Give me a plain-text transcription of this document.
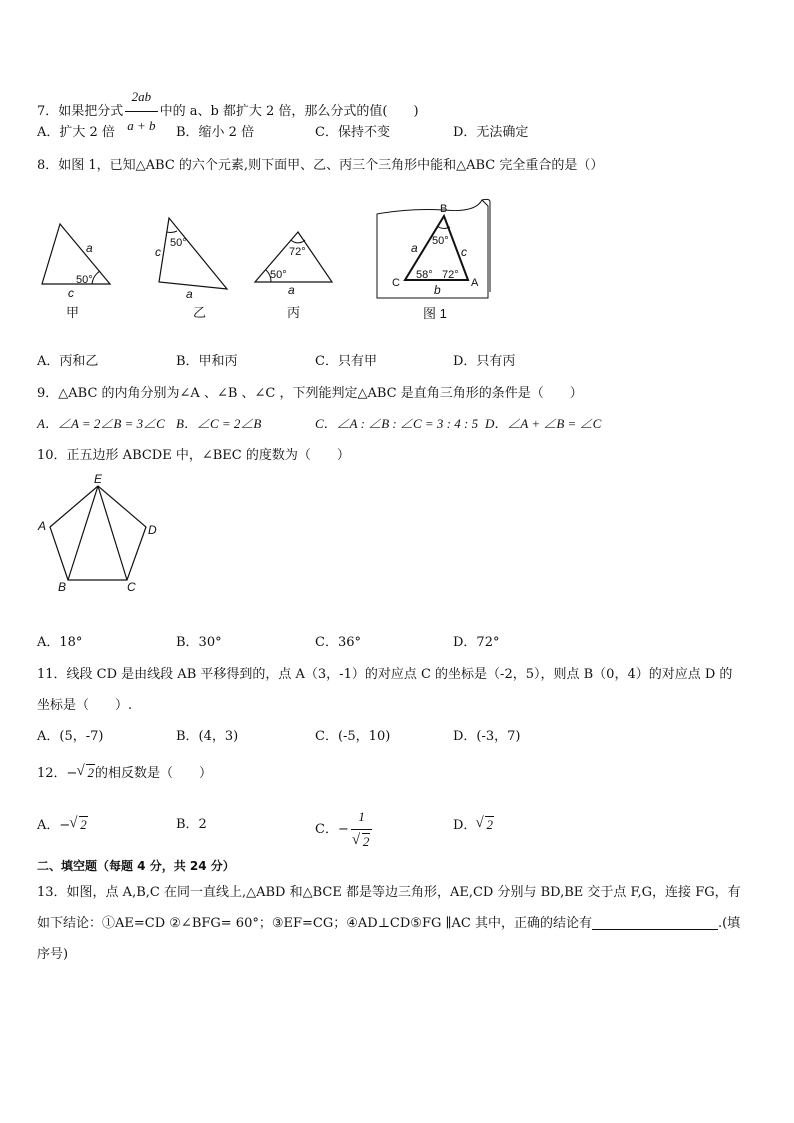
7．如果把分式 $\frac{2ab}{a + b}$ 中的 a、b 都扩大 2 倍，那么分式的值(　　)
A．扩大 2 倍	B．缩小 2 倍	C．保持不变	D．无法确定
8．如图 1，已知△ABC 的六个元素,则下面甲、乙、丙三个三角形中能和△ABC 完全重合的是（）
a
50°
c
甲
50°
c
a
乙
72°
50°
a
丙
B
C	A
a	c
b
50°
58° 72°
图 1
A．丙和乙	B．甲和丙	C．只有甲	D．只有丙
9．△ABC 的内角分别为∠A 、∠B 、∠C ，下列能判定△ABC 是直角三角形的条件是（　　）
A．∠A = 2∠B = 3∠C B．∠C = 2∠B	C．∠A : ∠B : ∠C = 3 : 4 : 5 D．∠A + ∠B = ∠C
10．正五边形 ABCDE 中，∠BEC 的度数为（　　）
E
A	D
B	C
A．18°	B．30°	C．36°	D．72°
11．线段 CD 是由线段 AB 平移得到的，点 A（3，-1）的对应点 C 的坐标是（-2，5），则点 B（0，4）的对应点 D 的
坐标是（　　）.
A．(5，-7)	B．(4，3)	C．(-5，10)	D．(-3，7)
12．− √ 2的相反数是（　　）
A．− √ 2	B．2	C．− 1
√ 2	D． √ 2
二、填空题（每题 4 分，共 24 分）
13．如图，点 A,B,C 在同一直线上,△ABD 和△BCE 都是等边三角形，AE,CD 分别与 BD,BE 交于点 F,G，连接 FG，有
如下结论：①AE=CD ②∠BFG= 60°；③EF=CG；④AD⊥CD⑤FG ∥AC 其中，正确的结论有	.(填
序号)
